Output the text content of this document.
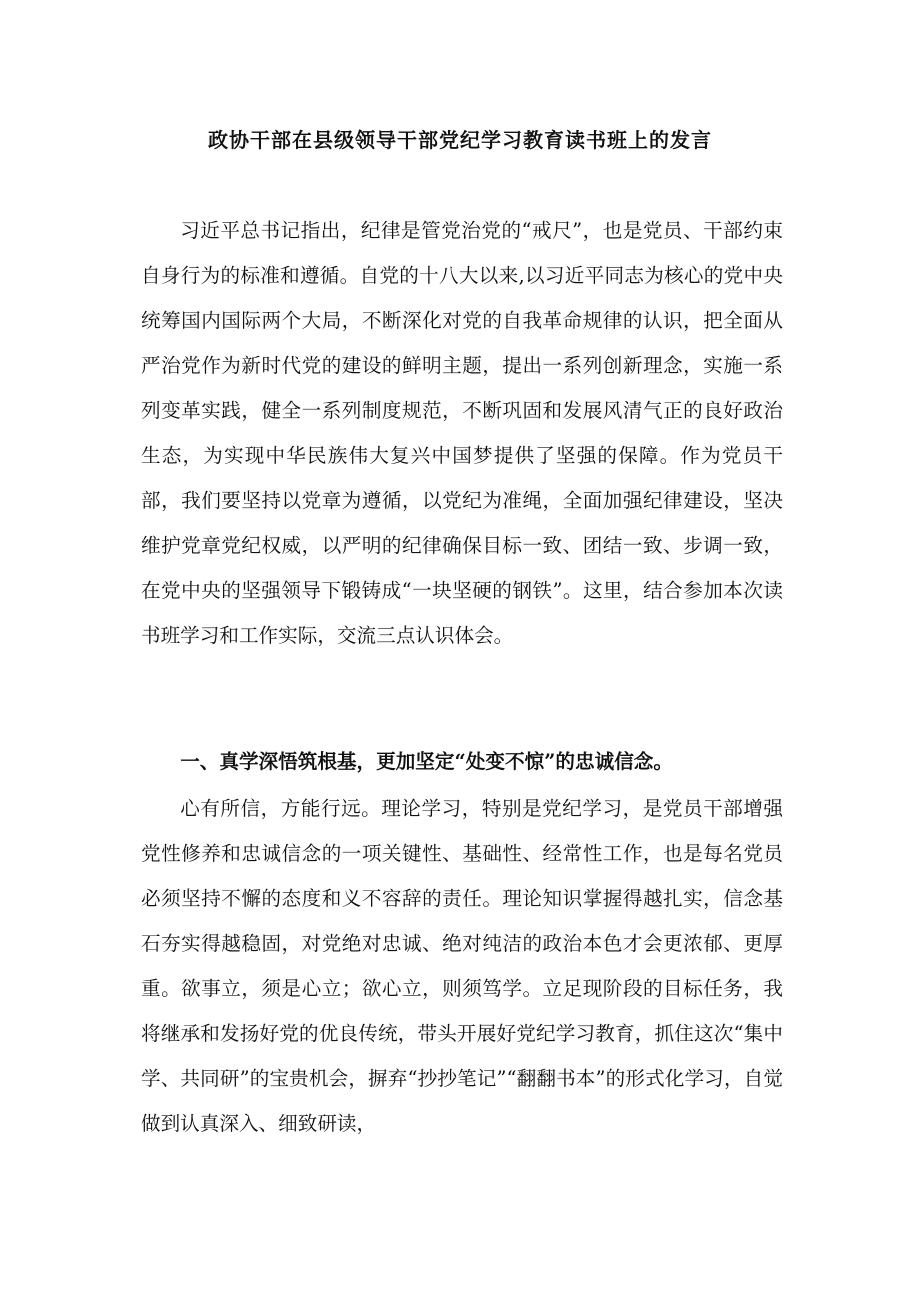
政协干部在县级领导干部党纪学习教育读书班上的发言

习近平总书记指出，纪律是管党治党的“戒尺”，也是党员、干部约束自身行为的标准和遵循。自党的十八大以来,以习近平同志为核心的党中央统筹国内国际两个大局，不断深化对党的自我革命规律的认识，把全面从严治党作为新时代党的建设的鲜明主题，提出一系列创新理念，实施一系列变革实践，健全一系列制度规范，不断巩固和发展风清气正的良好政治生态，为实现中华民族伟大复兴中国梦提供了坚强的保障。作为党员干部，我们要坚持以党章为遵循，以党纪为准绳，全面加强纪律建设，坚决维护党章党纪权威，以严明的纪律确保目标一致、团结一致、步调一致，在党中央的坚强领导下锻铸成“一块坚硬的钢铁”。这里，结合参加本次读书班学习和工作实际，交流三点认识体会。

一、真学深悟筑根基，更加坚定“处变不惊”的忠诚信念。

心有所信，方能行远。理论学习，特别是党纪学习，是党员干部增强党性修养和忠诚信念的一项关键性、基础性、经常性工作，也是每名党员必须坚持不懈的态度和义不容辞的责任。理论知识掌握得越扎实，信念基石夯实得越稳固，对党绝对忠诚、绝对纯洁的政治本色才会更浓郁、更厚重。欲事立，须是心立；欲心立，则须笃学。立足现阶段的目标任务，我将继承和发扬好党的优良传统，带头开展好党纪学习教育，抓住这次“集中学、共同研”的宝贵机会，摒弃“抄抄笔记”“翻翻书本”的形式化学习，自觉做到认真深入、细致研读，
